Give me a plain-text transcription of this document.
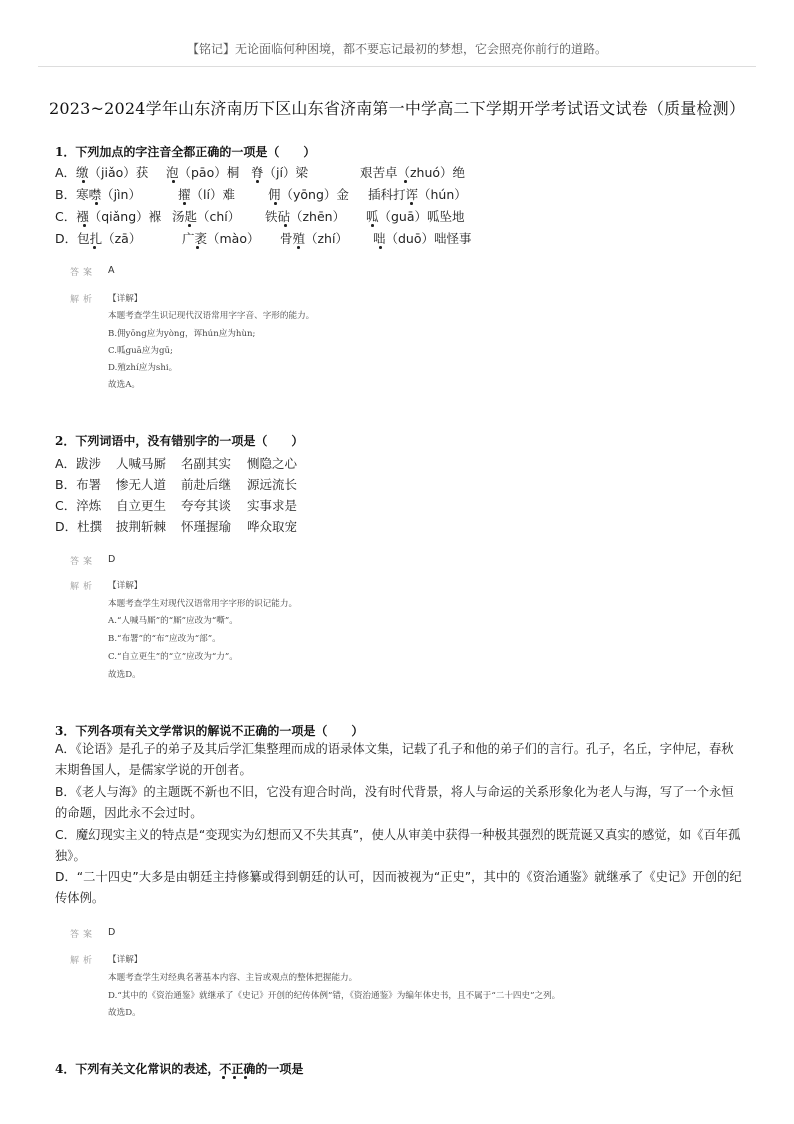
【铭记】无论面临何种困境，都不要忘记最初的梦想，它会照亮你前行的道路。
2023~2024学年山东济南历下区山东省济南第一中学高二下学期开学考试语文试卷（质量检测）
1．下列加点的字注音全都正确的一项是（　　）
A．缴（jiǎo）获 泡（pāo）桐 脊（jí）梁	艰苦卓（zhuó）绝
B．寒噤（jìn）	擢（lí）难	佣（yōng）金 插科打诨（hún）
C．襁（qiǎng）褓 汤匙（chí） 铁砧（zhēn） 呱（guā）呱坠地
D．包扎（zā）	广袤（mào） 骨殖（zhí） 咄（duō）咄怪事
答案 A
解析 【详解】
本题考查学生识记现代汉语常用字字音、字形的能力。
B.佣yōng应为yòng，诨hún应为hùn;
C.呱guā应为gū;
D.殖zhí应为shi。
故选A。
2．下列词语中，没有错别字的一项是（　　）
A．跋涉 人喊马厮 名副其实 恻隐之心
B．布署 惨无人道 前赴后继 源远流长
C．淬炼 自立更生 夸夸其谈 实事求是
D．杜撰 披荆斩棘 怀瑾握瑜 哗众取宠
答案 D
解析 【详解】
本题考查学生对现代汉语常用字字形的识记能力。
A.“人喊马厮”的“厮”应改为“嘶”。
B.“布署”的“布”应改为“部”。
C.“自立更生”的“立”应改为“力”。
故选D。
3．下列各项有关文学常识的解说不正确的一项是（　　）
A．《论语》是孔子的弟子及其后学汇集整理而成的语录体文集，记载了孔子和他的弟子们的言行。孔子，名丘，字仲尼，春秋末期鲁国人，是儒家学说的开创者。
B．《老人与海》的主题既不新也不旧，它没有迎合时尚，没有时代背景，将人与命运的关系形象化为老人与海，写了一个永恒的命题，因此永不会过时。
C．魔幻现实主义的特点是“变现实为幻想而又不失其真”，使人从审美中获得一种极其强烈的既荒诞又真实的感觉，如《百年孤独》。
D．“二十四史”大多是由朝廷主持修纂或得到朝廷的认可，因而被视为“正史”，其中的《资治通鉴》就继承了《史记》开创的纪传体例。
答案 D
解析 【详解】
本题考查学生对经典名著基本内容、主旨或观点的整体把握能力。
D.“其中的《资治通鉴》就继承了《史记》开创的纪传体例”错，《资治通鉴》为编年体史书，且不属于“二十四史”之列。
故选D。
4．下列有关文化常识的表述，不正确的一项是
